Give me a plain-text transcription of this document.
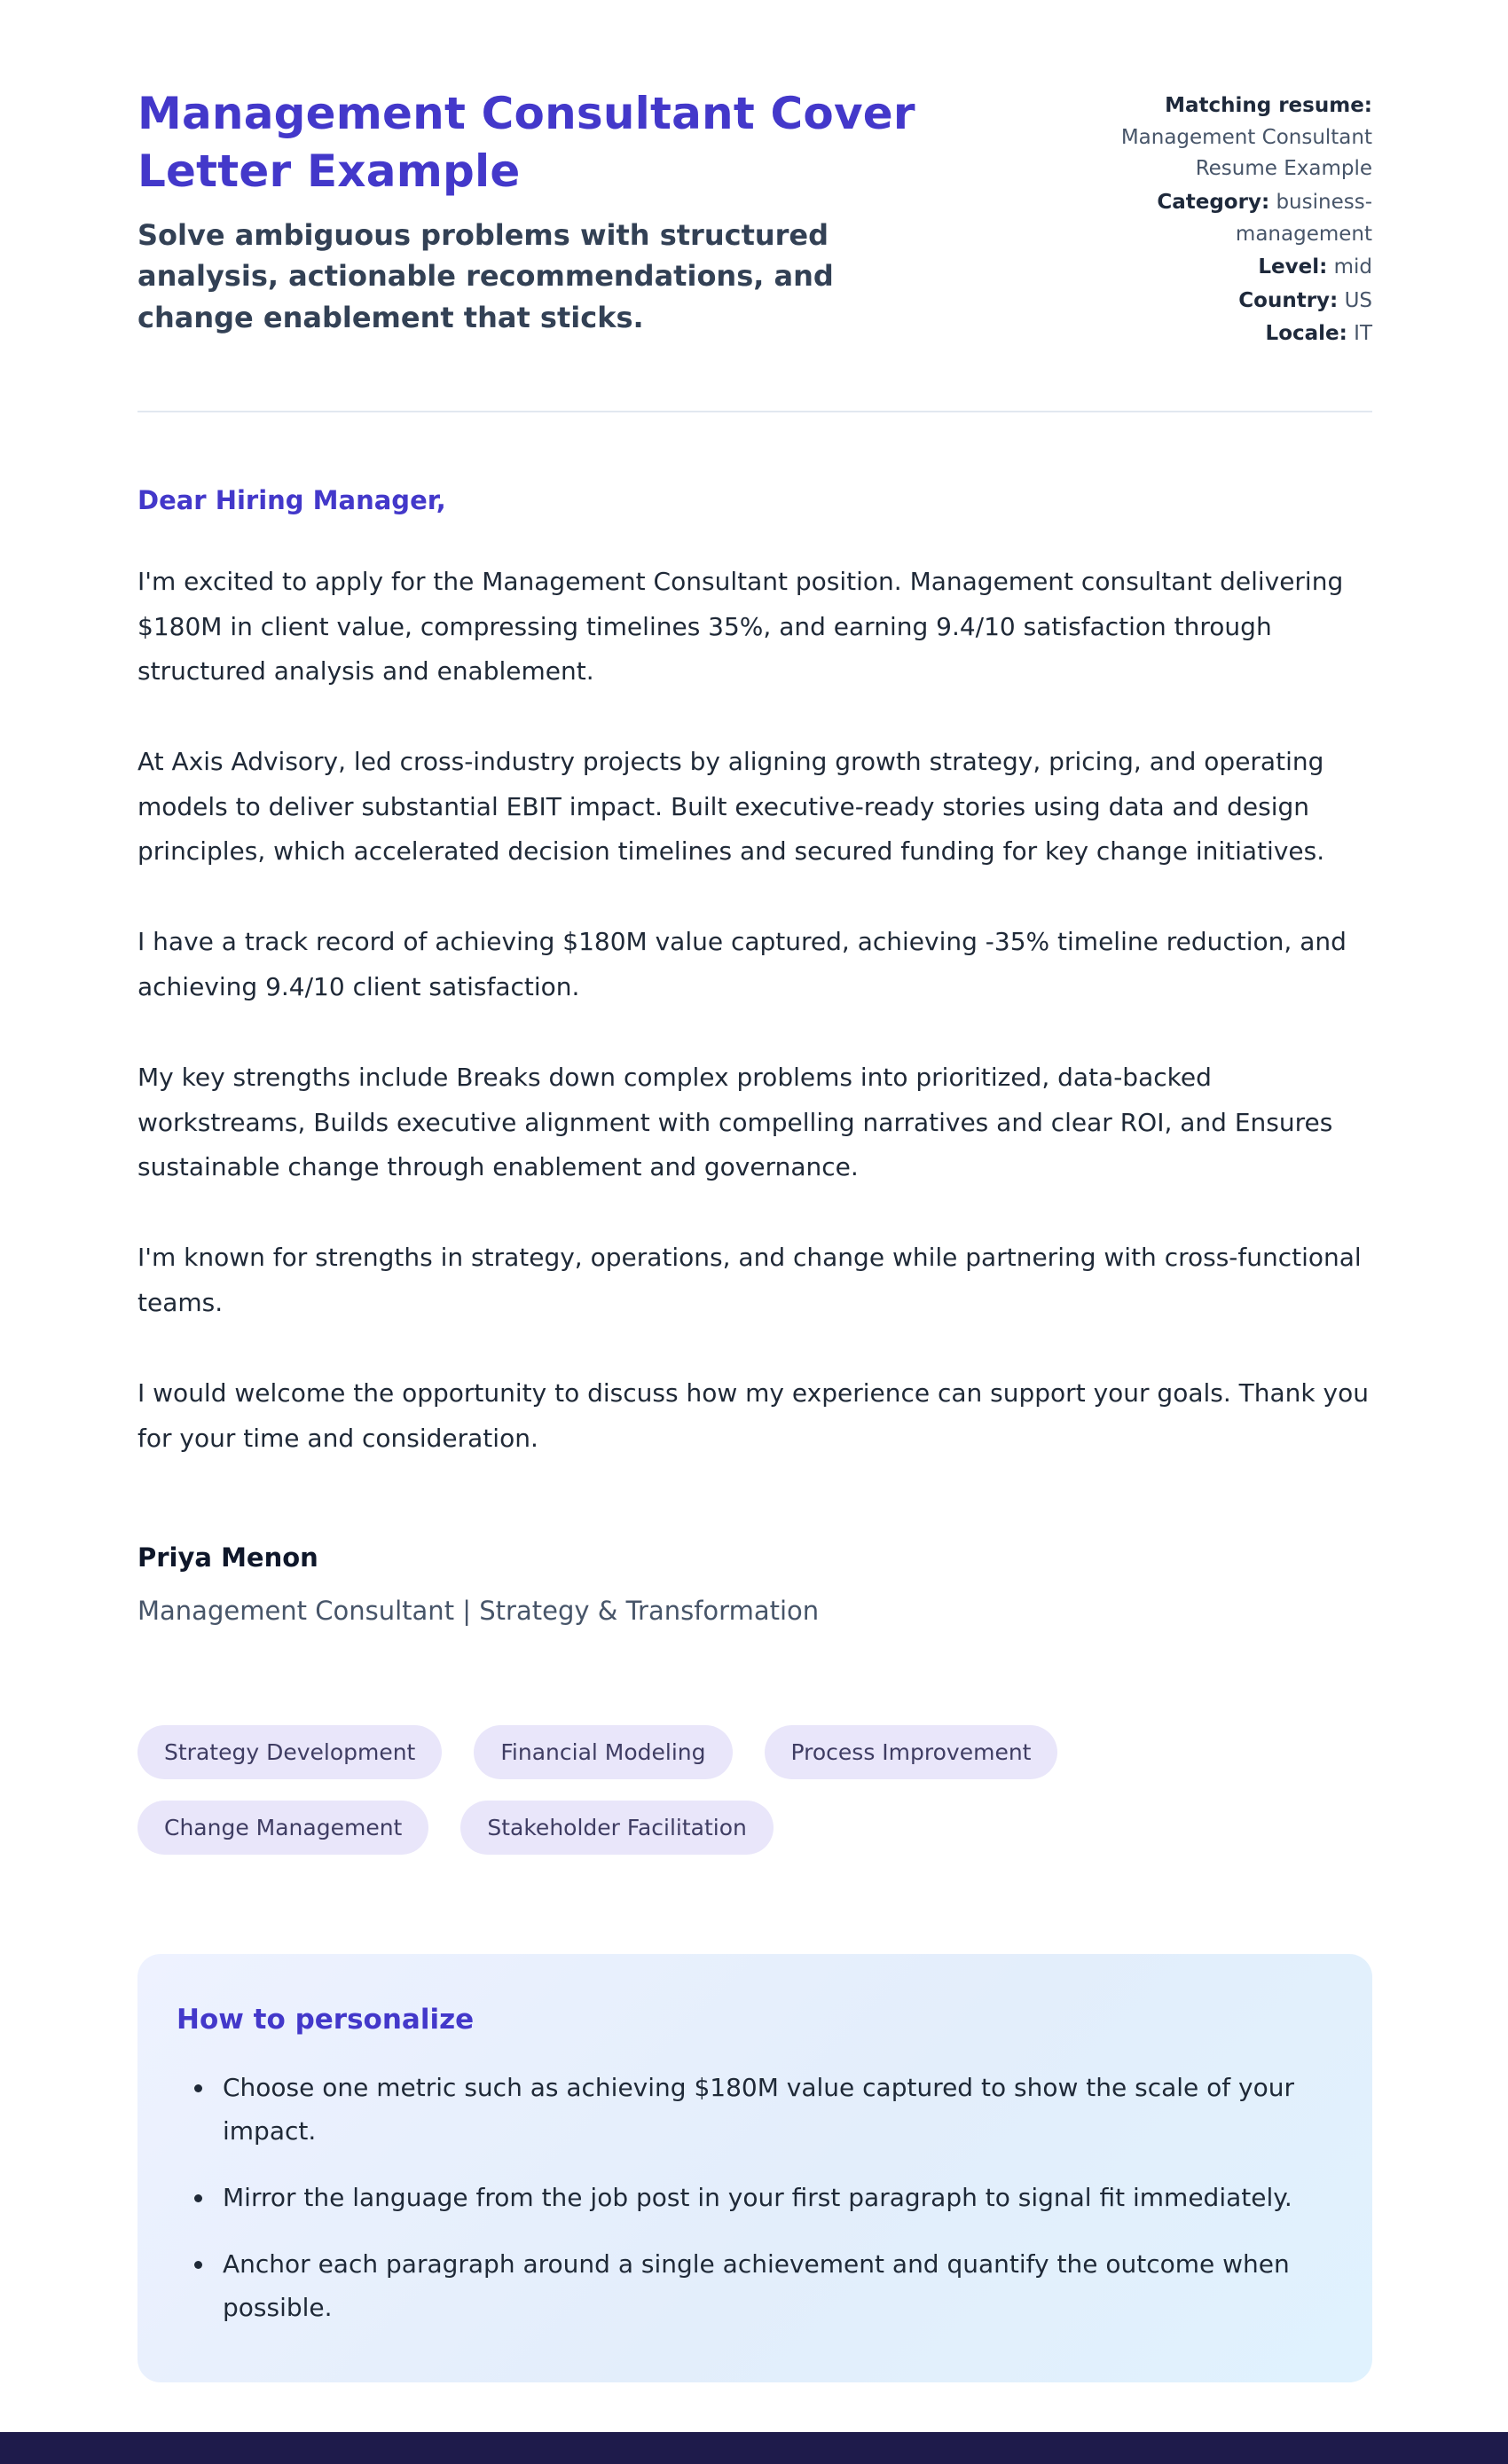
Management Consultant Cover Letter Example
Solve ambiguous problems with structured analysis, actionable recommendations, and change enablement that sticks.
Matching resume: Management Consultant Resume Example
Category: business-management
Level: mid
Country: US
Locale: IT
Dear Hiring Manager,

I'm excited to apply for the Management Consultant position. Management consultant delivering $180M in client value, compressing timelines 35%, and earning 9.4/10 satisfaction through structured analysis and enablement.

At Axis Advisory, led cross-industry projects by aligning growth strategy, pricing, and operating models to deliver substantial EBIT impact. Built executive-ready stories using data and design principles, which accelerated decision timelines and secured funding for key change initiatives.

I have a track record of achieving $180M value captured, achieving -35% timeline reduction, and achieving 9.4/10 client satisfaction.

My key strengths include Breaks down complex problems into prioritized, data-backed workstreams, Builds executive alignment with compelling narratives and clear ROI, and Ensures sustainable change through enablement and governance.

I'm known for strengths in strategy, operations, and change while partnering with cross-functional teams.

I would welcome the opportunity to discuss how my experience can support your goals. Thank you for your time and consideration.

Priya Menon
Management Consultant | Strategy & Transformation
Strategy Development	Financial Modeling	Process Improvement
Change Management	Stakeholder Facilitation
How to personalize
• Choose one metric such as achieving $180M value captured to show the scale of your impact.
• Mirror the language from the job post in your first paragraph to signal fit immediately.
• Anchor each paragraph around a single achievement and quantify the outcome when possible.
